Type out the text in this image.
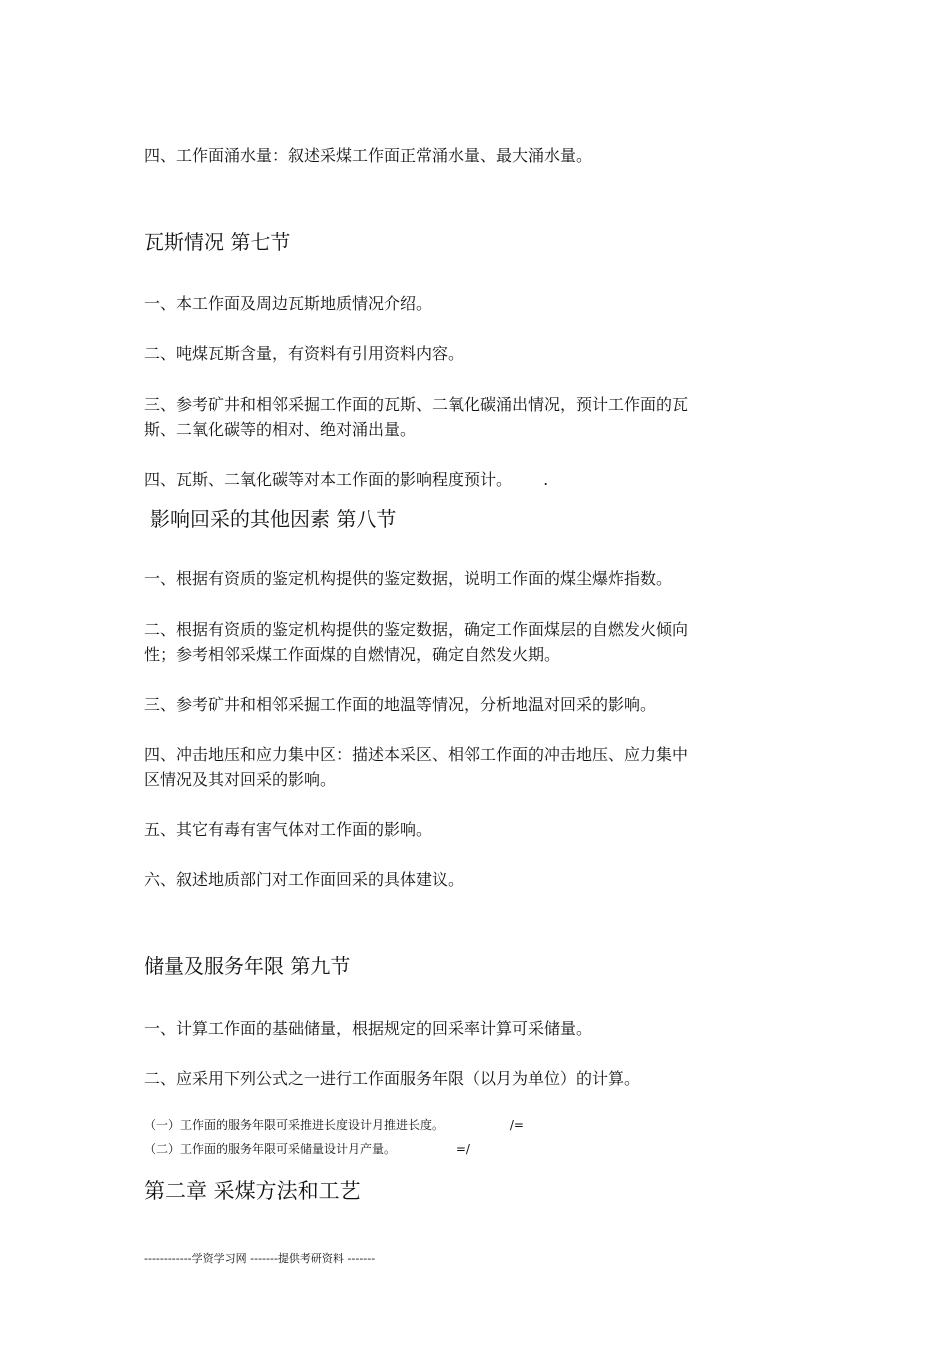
四、工作面涌水量：叙述采煤工作面正常涌水量、最大涌水量。

瓦斯情况 第七节

一、本工作面及周边瓦斯地质情况介绍。

二、吨煤瓦斯含量，有资料有引用资料内容。

三、参考矿井和相邻采掘工作面的瓦斯、二氧化碳涌出情况，预计工作面的瓦

斯、二氧化碳等的相对、绝对涌出量。

四、瓦斯、二氧化碳等对本工作面的影响程度预计。 .

影响回采的其他因素 第八节

一、根据有资质的鉴定机构提供的鉴定数据，说明工作面的煤尘爆炸指数。

二、根据有资质的鉴定机构提供的鉴定数据，确定工作面煤层的自燃发火倾向

性；参考相邻采煤工作面煤的自燃情况，确定自然发火期。

三、参考矿井和相邻采掘工作面的地温等情况，分析地温对回采的影响。

四、冲击地压和应力集中区：描述本采区、相邻工作面的冲击地压、应力集中

区情况及其对回采的影响。

五、其它有毒有害气体对工作面的影响。

六、叙述地质部门对工作面回采的具体建议。

储量及服务年限 第九节

一、计算工作面的基础储量，根据规定的回采率计算可采储量。

二、应采用下列公式之一进行工作面服务年限（以月为单位）的计算。

（一）工作面的服务年限可采推进长度设计月推进长度。	/=

（二）工作面的服务年限可采储量设计月产量。	=/

第二章 采煤方法和工艺

------------学资学习网 -------提供考研资料 -------
